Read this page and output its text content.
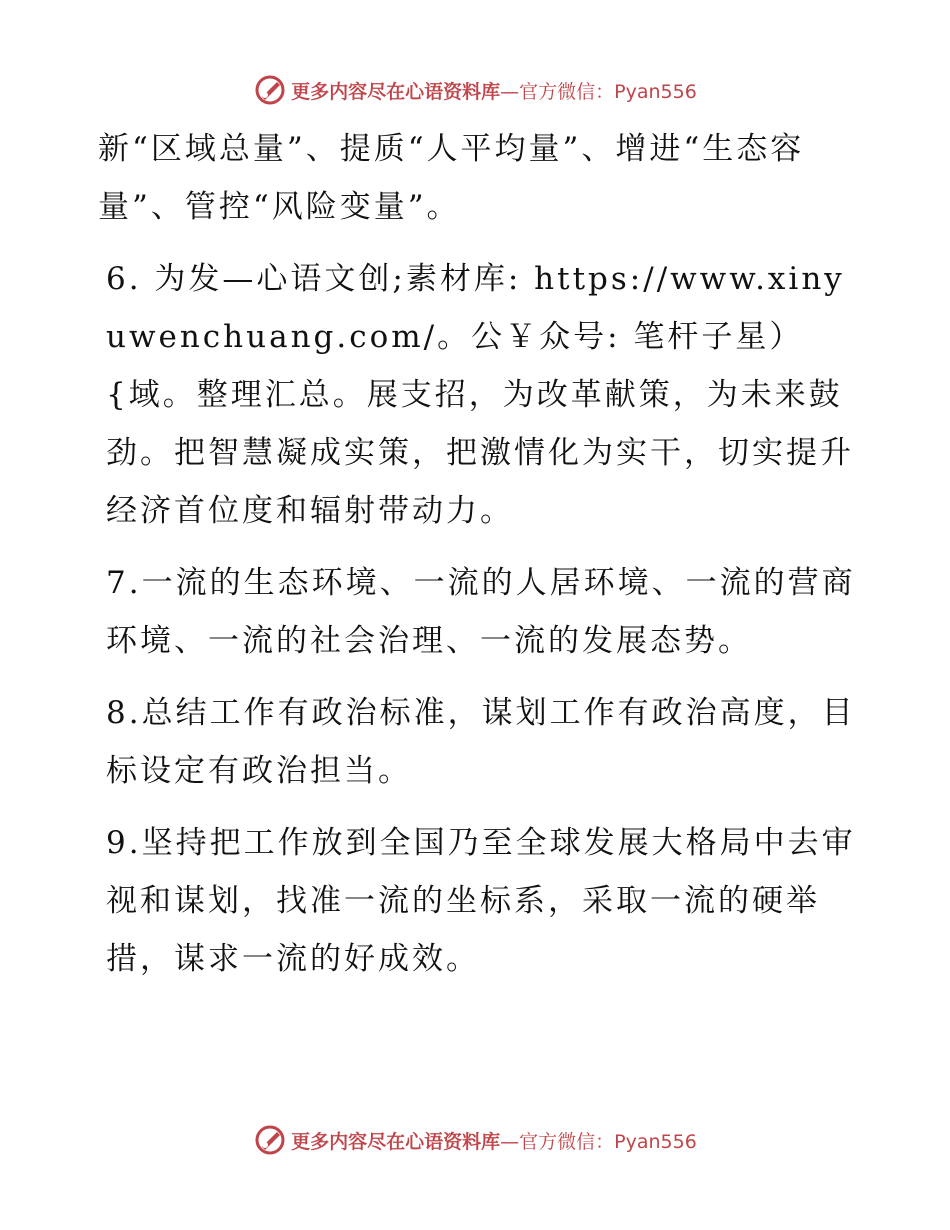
更多内容尽在心语资料库 —官方微信：Pyan556

新“区域总量”、提质“人平均量”、增进“生态容量”、管控“风险变量”。

6. 为发—心语文创;素材库: https://www.xinyuwenchuang.com/。公￥众号: 笔杆子星）{域。整理汇总。展支招，为改革献策，为未来鼓劲。把智慧凝成实策，把激情化为实干，切实提升经济首位度和辐射带动力。

7.一流的生态环境、一流的人居环境、一流的营商环境、一流的社会治理、一流的发展态势。

8.总结工作有政治标准，谋划工作有政治高度，目标设定有政治担当。

9.坚持把工作放到全国乃至全球发展大格局中去审视和谋划，找准一流的坐标系，采取一流的硬举措，谋求一流的好成效。

更多内容尽在心语资料库 —官方微信：Pyan556
